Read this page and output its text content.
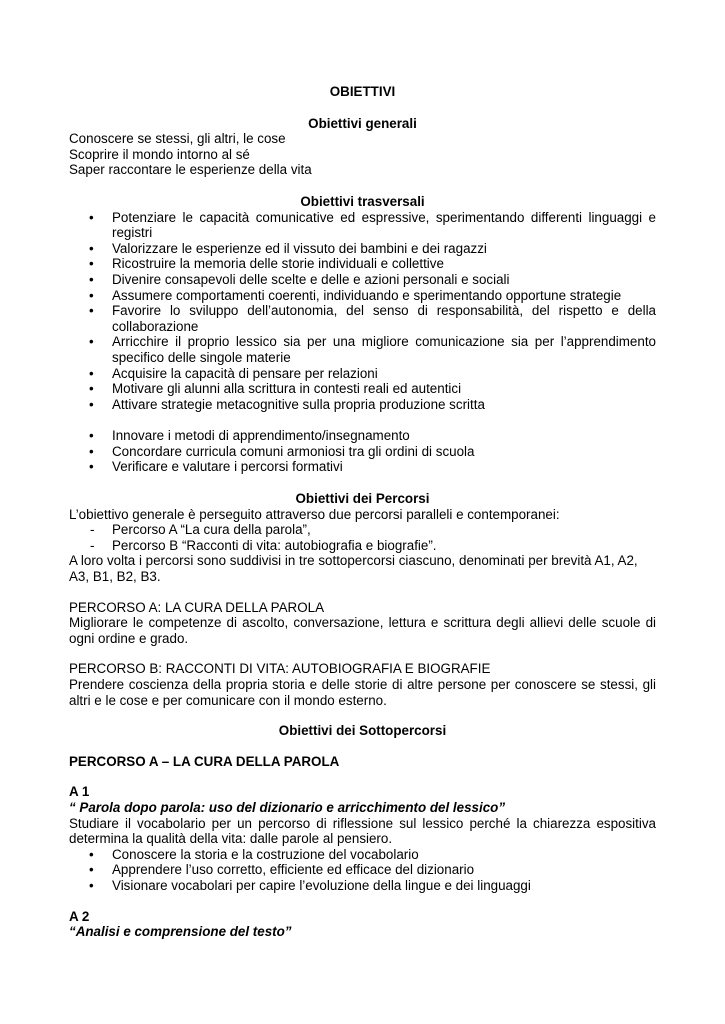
OBIETTIVI

Obiettivi generali

Conoscere se stessi, gli altri, le cose

Scoprire il mondo intorno al sé

Saper raccontare le esperienze della vita

Obiettivi trasversali

• Potenziare le capacità comunicative ed espressive, sperimentando differenti linguaggi e registri
• Valorizzare le esperienze ed il vissuto dei bambini e dei ragazzi
• Ricostruire la memoria delle storie individuali e collettive
• Divenire consapevoli delle scelte e delle e azioni personali e sociali
• Assumere comportamenti coerenti, individuando e sperimentando opportune strategie
• Favorire lo sviluppo dell’autonomia, del senso di responsabilità, del rispetto e della collaborazione
• Arricchire il proprio lessico sia per una migliore comunicazione sia per l’apprendimento specifico delle singole materie
• Acquisire la capacità di pensare per relazioni
• Motivare gli alunni alla scrittura in contesti reali ed autentici
• Attivare strategie metacognitive sulla propria produzione scritta
• Innovare i metodi di apprendimento/insegnamento
• Concordare curricula comuni armoniosi tra gli ordini di scuola
• Verificare e valutare i percorsi formativi

Obiettivi dei Percorsi

L’obiettivo generale è perseguito attraverso due percorsi paralleli e contemporanei:

- Percorso A “La cura della parola”,
- Percorso B “Racconti di vita: autobiografia e biografie”.

A loro volta i percorsi sono suddivisi in tre sottopercorsi ciascuno, denominati per brevità A1, A2, A3, B1, B2, B3.

PERCORSO A: LA CURA DELLA PAROLA

Migliorare le competenze di ascolto, conversazione, lettura e scrittura degli allievi delle scuole di ogni ordine e grado.

PERCORSO B: RACCONTI DI VITA: AUTOBIOGRAFIA E BIOGRAFIE

Prendere coscienza della propria storia e delle storie di altre persone per conoscere se stessi, gli altri e le cose e per comunicare con il mondo esterno.

Obiettivi dei Sottopercorsi

PERCORSO A – LA CURA DELLA PAROLA

A 1

“ Parola dopo parola: uso del dizionario e arricchimento del lessico”

Studiare il vocabolario per un percorso di riflessione sul lessico perché la chiarezza espositiva determina la qualità della vita: dalle parole al pensiero.

• Conoscere la storia e la costruzione del vocabolario
• Apprendere l’uso corretto, efficiente ed efficace del dizionario
• Visionare vocabolari per capire l’evoluzione della lingue e dei linguaggi

A 2

“Analisi e comprensione del testo”
